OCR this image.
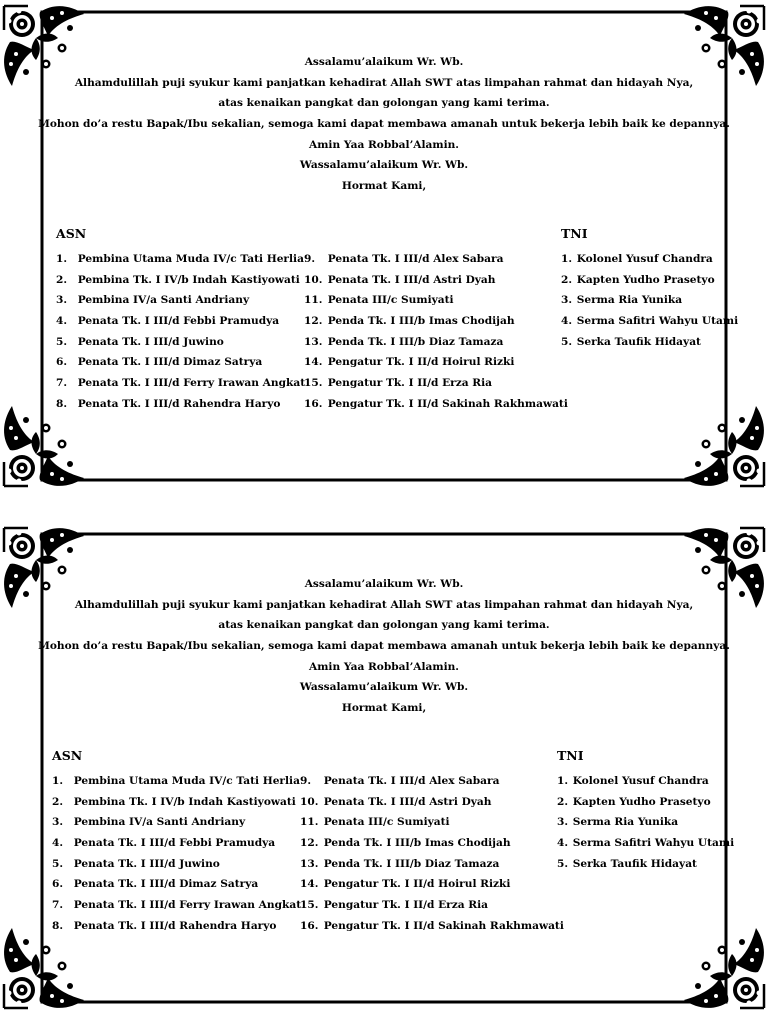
Assalamu’alaikum Wr. Wb.
Alhamdulillah puji syukur kami panjatkan kehadirat Allah SWT atas limpahan rahmat dan hidayah Nya,
atas kenaikan pangkat dan golongan yang kami terima.
Mohon do’a restu Bapak/Ibu sekalian, semoga kami dapat membawa amanah untuk bekerja lebih baik ke depannya.
Amin Yaa Robbal’Alamin.
Wassalamu’alaikum Wr. Wb.
Hormat Kami,
ASN
1. Pembina Utama Muda IV/c Tati Herlia
2. Pembina Tk. I IV/b Indah Kastiyowati
3. Pembina IV/a Santi Andriany
4. Penata Tk. I III/d Febbi Pramudya
5. Penata Tk. I III/d Juwino
6. Penata Tk. I III/d Dimaz Satrya
7. Penata Tk. I III/d Ferry Irawan Angkat
8. Penata Tk. I III/d Rahendra Haryo
9. Penata Tk. I III/d Alex Sabara
10. Penata Tk. I III/d Astri Dyah
11. Penata III/c Sumiyati
12. Penda Tk. I III/b Imas Chodijah
13. Penda Tk. I III/b Diaz Tamaza
14. Pengatur Tk. I II/d Hoirul Rizki
15. Pengatur Tk. I II/d Erza Ria
16. Pengatur Tk. I II/d Sakinah Rakhmawati
TNI
1. Kolonel Yusuf Chandra
2. Kapten Yudho Prasetyo
3. Serma Ria Yunika
4. Serma Safitri Wahyu Utami
5. Serka Taufik Hidayat
Assalamu’alaikum Wr. Wb.
Alhamdulillah puji syukur kami panjatkan kehadirat Allah SWT atas limpahan rahmat dan hidayah Nya,
atas kenaikan pangkat dan golongan yang kami terima.
Mohon do’a restu Bapak/Ibu sekalian, semoga kami dapat membawa amanah untuk bekerja lebih baik ke depannya.
Amin Yaa Robbal’Alamin.
Wassalamu’alaikum Wr. Wb.
Hormat Kami,
ASN
1. Pembina Utama Muda IV/c Tati Herlia
2. Pembina Tk. I IV/b Indah Kastiyowati
3. Pembina IV/a Santi Andriany
4. Penata Tk. I III/d Febbi Pramudya
5. Penata Tk. I III/d Juwino
6. Penata Tk. I III/d Dimaz Satrya
7. Penata Tk. I III/d Ferry Irawan Angkat
8. Penata Tk. I III/d Rahendra Haryo
9. Penata Tk. I III/d Alex Sabara
10. Penata Tk. I III/d Astri Dyah
11. Penata III/c Sumiyati
12. Penda Tk. I III/b Imas Chodijah
13. Penda Tk. I III/b Diaz Tamaza
14. Pengatur Tk. I II/d Hoirul Rizki
15. Pengatur Tk. I II/d Erza Ria
16. Pengatur Tk. I II/d Sakinah Rakhmawati
TNI
1. Kolonel Yusuf Chandra
2. Kapten Yudho Prasetyo
3. Serma Ria Yunika
4. Serma Safitri Wahyu Utami
5. Serka Taufik Hidayat
